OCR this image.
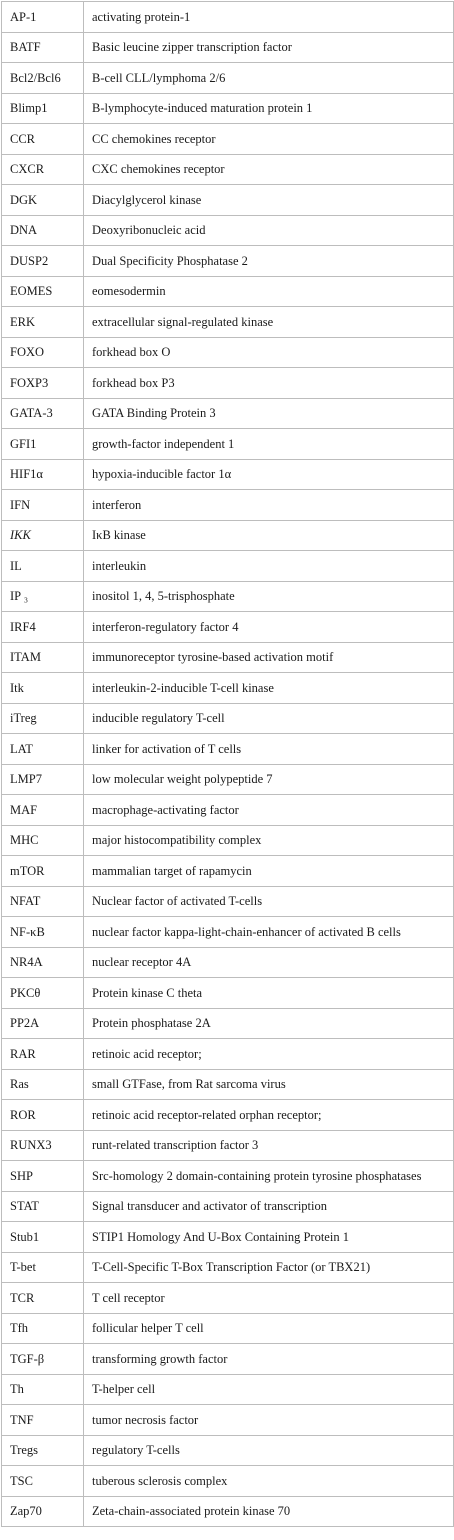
AP-1	activating protein-1
BATF	Basic leucine zipper transcription factor
Bcl2/Bcl6	B-cell CLL/lymphoma 2/6
Blimp1	B-lymphocyte-induced maturation protein 1
CCR	CC chemokines receptor
CXCR	CXC chemokines receptor
DGK	Diacylglycerol kinase
DNA	Deoxyribonucleic acid
DUSP2	Dual Specificity Phosphatase 2
EOMES	eomesodermin
ERK	extracellular signal-regulated kinase
FOXO	forkhead box O
FOXP3	forkhead box P3
GATA-3	GATA Binding Protein 3
GFI1	growth-factor independent 1
HIF1α	hypoxia-inducible factor 1α
IFN	interferon
IKK	IκB kinase
IL	interleukin
IP ₃	inositol 1, 4, 5-trisphosphate
IRF4	interferon-regulatory factor 4
ITAM	immunoreceptor tyrosine-based activation motif
Itk	interleukin-2-inducible T-cell kinase
iTreg	inducible regulatory T-cell
LAT	linker for activation of T cells
LMP7	low molecular weight polypeptide 7
MAF	macrophage-activating factor
MHC	major histocompatibility complex
mTOR	mammalian target of rapamycin
NFAT	Nuclear factor of activated T-cells
NF-κB	nuclear factor kappa-light-chain-enhancer of activated B cells
NR4A	nuclear receptor 4A
PKCθ	Protein kinase C theta
PP2A	Protein phosphatase 2A
RAR	retinoic acid receptor;
Ras	small GTFase, from Rat sarcoma virus
ROR	retinoic acid receptor-related orphan receptor;
RUNX3	runt-related transcription factor 3
SHP	Src-homology 2 domain-containing protein tyrosine phosphatases
STAT	Signal transducer and activator of transcription
Stub1	STIP1 Homology And U-Box Containing Protein 1
T-bet	T-Cell-Specific T-Box Transcription Factor (or TBX21)
TCR	T cell receptor
Tfh	follicular helper T cell
TGF-β	transforming growth factor
Th	T-helper cell
TNF	tumor necrosis factor
Tregs	regulatory T-cells
TSC	tuberous sclerosis complex
Zap70	Zeta-chain-associated protein kinase 70
